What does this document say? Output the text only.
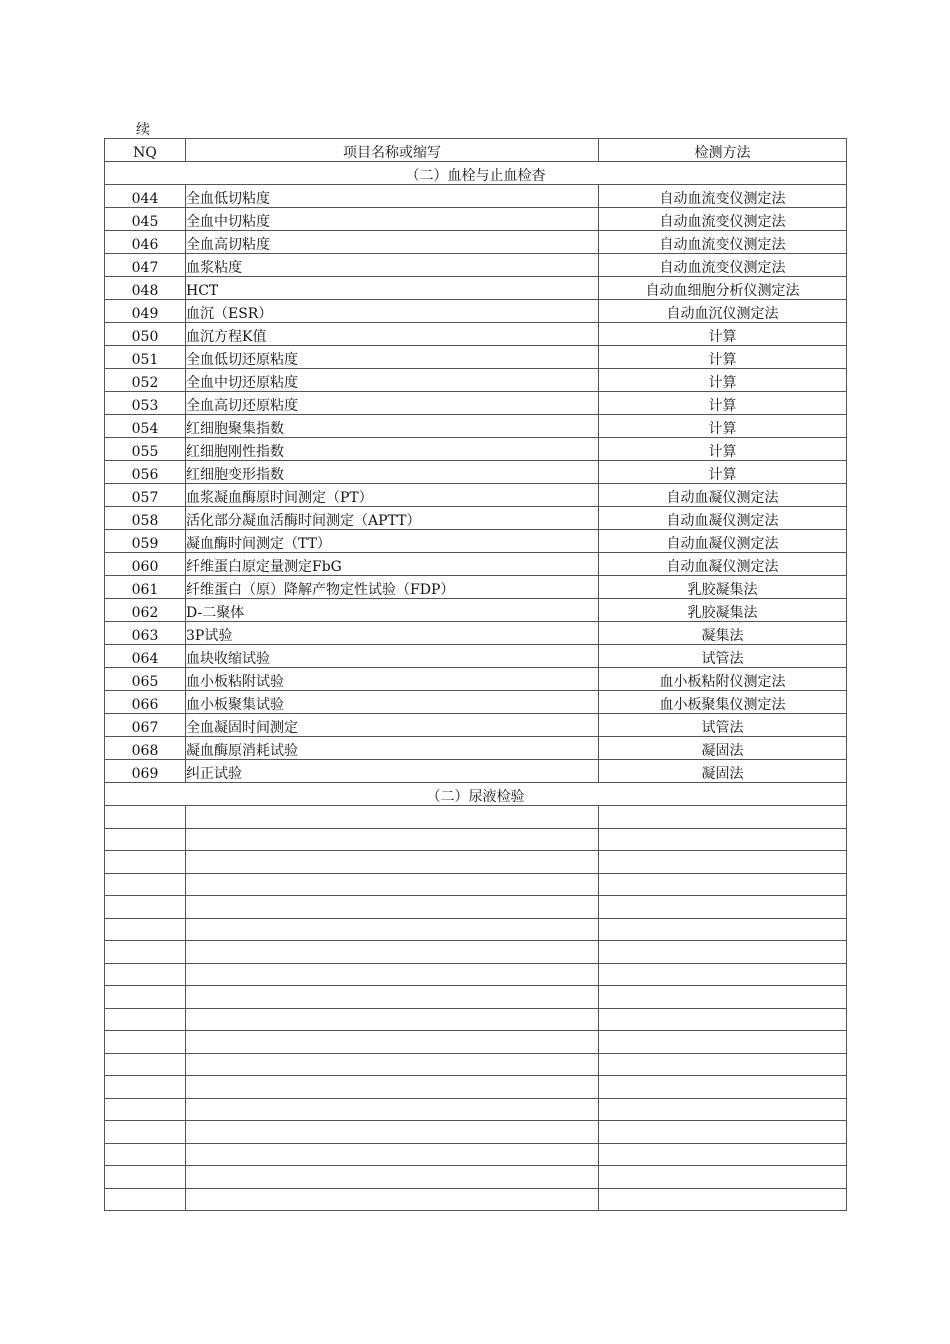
续
NQ	项目名称或缩写	检测方法
（二）血栓与止血检杳		
044	全血低切粘度	自动血流变仪测定法
045	全血中切粘度	自动血流变仪测定法
046	全血高切粘度	自动血流变仪测定法
047	血浆粘度	自动血流变仪测定法
048	HCT	自动血细胞分析仪测定法
049	血沉（ESR）	自动血沉仪测定法
050	血沉方程K值	计算
051	全血低切还原粘度	计算
052	全血中切还原粘度	计算
053	全血高切还原粘度	计算
054	红细胞聚集指数	计算
055	红细胞刚性指数	计算
056	红细胞变形指数	计算
057	血浆凝血酶原时间测定（PT）	自动血凝仪测定法
058	活化部分凝血活酶时间测定（APTT）	自动血凝仪测定法
059	凝血酶时间测定（TT）	自动血凝仪测定法
060	纤维蛋白原定量测定FbG	自动血凝仪测定法
061	纤维蛋白（原）降解产物定性试验（FDP）	乳胶凝集法
062	D-二聚体	乳胶凝集法
063	3P试验	凝集法
064	血块收缩试验	试管法
065	血小板粘附试验	血小板粘附仪测定法
066	血小板聚集试验	血小板聚集仪测定法
067	全血凝固时间测定	试管法
068	凝血酶原消耗试验	凝固法
069	纠正试验	凝固法
（二）尿液检验		
